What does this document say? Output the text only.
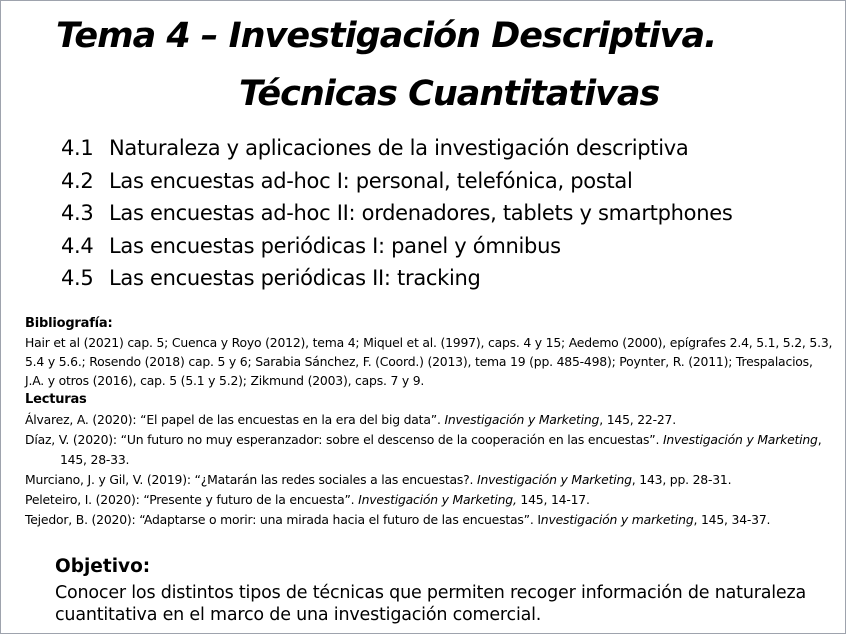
Tema 4 – Investigación Descriptiva.
Técnicas Cuantitativas
4.1 Naturaleza y aplicaciones de la investigación descriptiva
4.2 Las encuestas ad-hoc I: personal, telefónica, postal
4.3 Las encuestas ad-hoc II: ordenadores, tablets y smartphones
4.4 Las encuestas periódicas I: panel y ómnibus
4.5 Las encuestas periódicas II: tracking
Bibliografía:
Hair et al (2021) cap. 5; Cuenca y Royo (2012), tema 4; Miquel et al. (1997), caps. 4 y 15; Aedemo (2000), epígrafes 2.4, 5.1, 5.2, 5.3, 5.4 y 5.6.; Rosendo (2018) cap. 5 y 6; Sarabia Sánchez, F. (Coord.) (2013), tema 19 (pp. 485-498); Poynter, R. (2011); Trespalacios, J.A. y otros (2016), cap. 5 (5.1 y 5.2); Zikmund (2003), caps. 7 y 9.
Lecturas
Álvarez, A. (2020): “El papel de las encuestas en la era del big data”. Investigación y Marketing, 145, 22-27.
Díaz, V. (2020): “Un futuro no muy esperanzador: sobre el descenso de la cooperación en las encuestas”. Investigación y Marketing, 145, 28-33.
Murciano, J. y Gil, V. (2019): “¿Matarán las redes sociales a las encuestas?. Investigación y Marketing, 143, pp. 28-31.
Peleteiro, I. (2020): “Presente y futuro de la encuesta”. Investigación y Marketing, 145, 14-17.
Tejedor, B. (2020): “Adaptarse o morir: una mirada hacia el futuro de las encuestas”. Investigación y marketing, 145, 34-37.
Objetivo:
Conocer los distintos tipos de técnicas que permiten recoger información de naturaleza cuantitativa en el marco de una investigación comercial.
